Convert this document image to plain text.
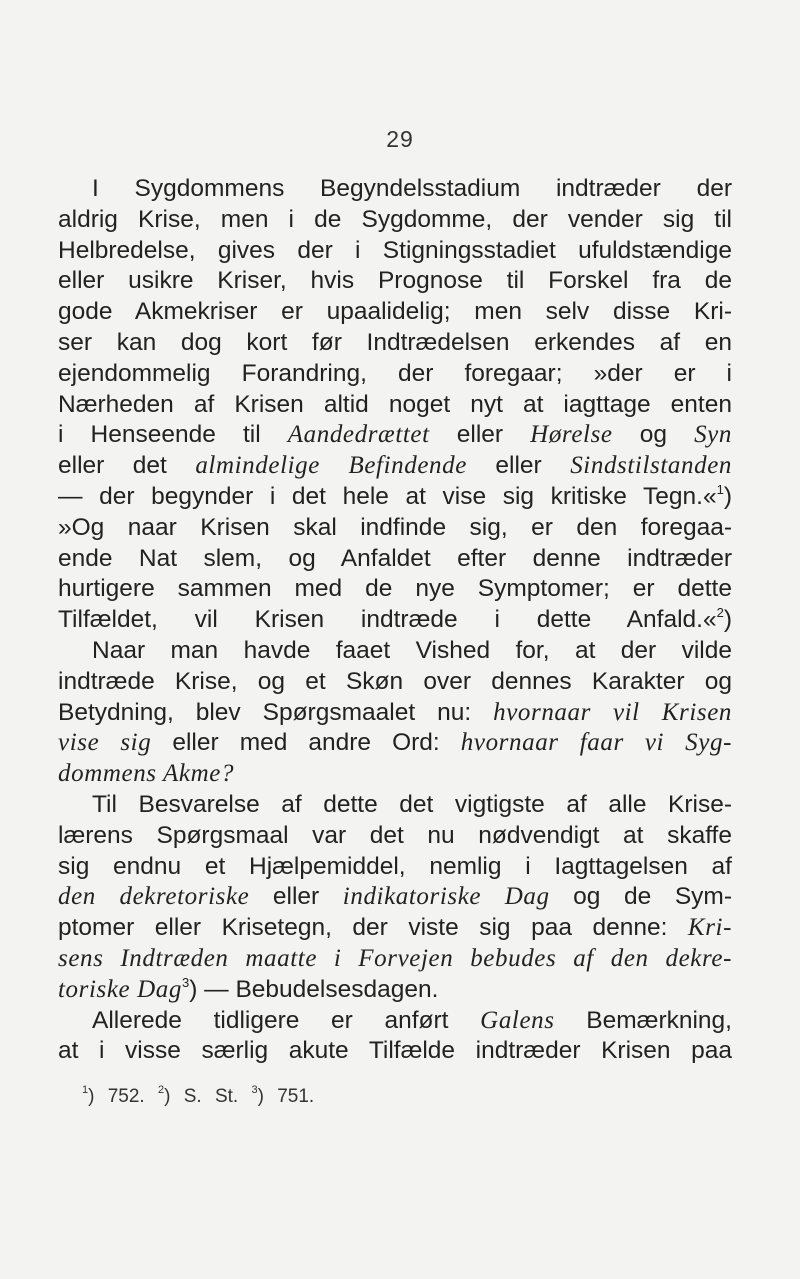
29
I Sygdommens Begyndelsstadium indtræder der
aldrig Krise, men i de Sygdomme, der vender sig til
Helbredelse, gives der i Stigningsstadiet ufuldstændige
eller usikre Kriser, hvis Prognose til Forskel fra de
gode Akmekriser er upaalidelig; men selv disse Kri-
ser kan dog kort før Indtrædelsen erkendes af en
ejendommelig Forandring, der foregaar; »der er i
Nærheden af Krisen altid noget nyt at iagttage enten
i Henseende til Aandedrættet eller Hørelse og Syn
eller det almindelige Befindende eller Sindstilstanden
— der begynder i det hele at vise sig kritiske Tegn.«$^1$)
»Og naar Krisen skal indfinde sig, er den foregaa-
ende Nat slem, og Anfaldet efter denne indtræder
hurtigere sammen med de nye Symptomer; er dette
Tilfældet, vil Krisen indtræde i dette Anfald.«$^2$)
Naar man havde faaet Vished for, at der vilde
indtræde Krise, og et Skøn over dennes Karakter og
Betydning, blev Spørgsmaalet nu: hvornaar vil Krisen
vise sig eller med andre Ord: hvornaar faar vi Syg-
dommens Akme?
Til Besvarelse af dette det vigtigste af alle Krise-
lærens Spørgsmaal var det nu nødvendigt at skaffe
sig endnu et Hjælpemiddel, nemlig i Iagttagelsen af
den dekretoriske eller indikatoriske Dag og de Sym-
ptomer eller Krisetegn, der viste sig paa denne: Kri-
sens Indtræden maatte i Forvejen bebudes af den dekre-
toriske Dag$^3$) — Bebudelsesdagen.
Allerede tidligere er anført Galens Bemærkning,
at i visse særlig akute Tilfælde indtræder Krisen paa
$^1$) 752. $^2$) S. St. $^3$) 751.
